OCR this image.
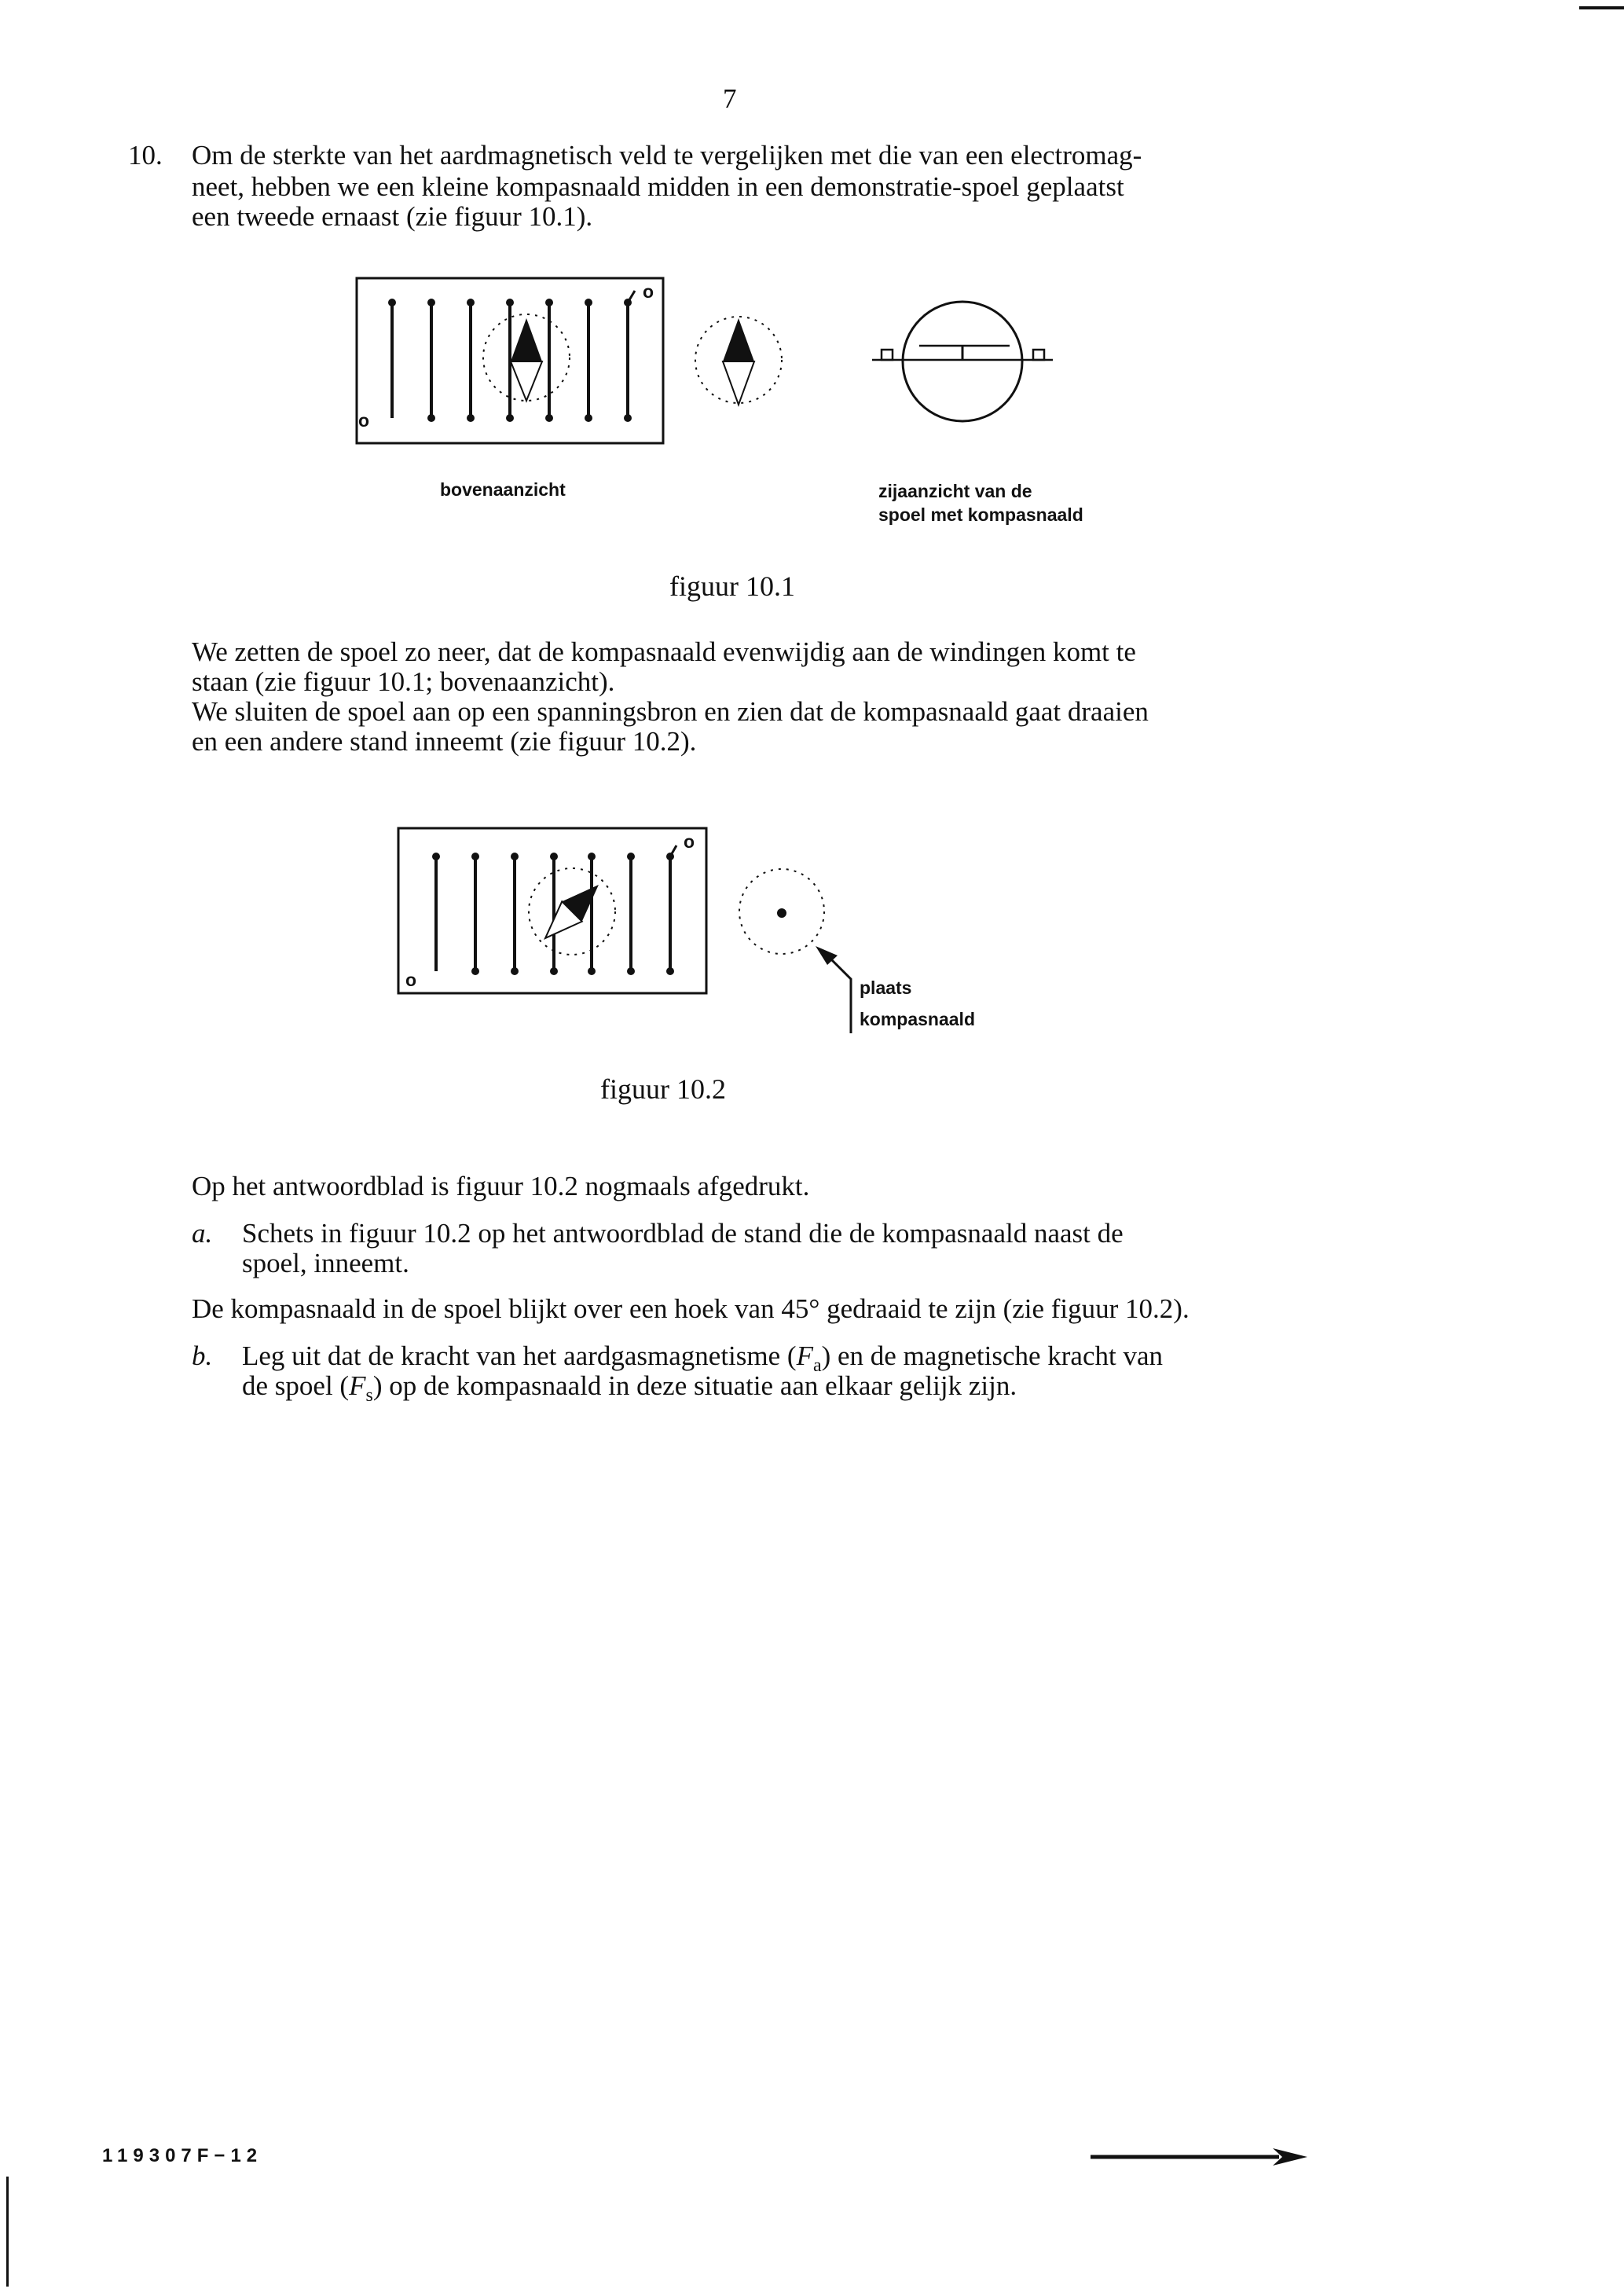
7
10. Om de sterkte van het aardmagnetisch veld te vergelijken met die van een electromag-
neet, hebben we een kleine kompasnaald midden in een demonstratie-spoel geplaatst
een tweede ernaast (zie figuur 10.1).
o
o
bovenaanzicht	zijaanzicht van de
spoel met kompasnaald
figuur 10.1
We zetten de spoel zo neer, dat de kompasnaald evenwijdig aan de windingen komt te
staan (zie figuur 10.1; bovenaanzicht).
We sluiten de spoel aan op een spanningsbron en zien dat de kompasnaald gaat draaien
en een andere stand inneemt (zie figuur 10.2).
o
o
plaats
kompasnaald
figuur 10.2
Op het antwoordblad is figuur 10.2 nogmaals afgedrukt.
a. Schets in figuur 10.2 op het antwoordblad de stand die de kompasnaald naast de
spoel, inneemt.
De kompasnaald in de spoel blijkt over een hoek van 45° gedraaid te zijn (zie figuur 10.2).
b. Leg uit dat de kracht van het aardgasmagnetisme $(F_a)$ en de magnetische kracht van
de spoel $(F_s)$ op de kompasnaald in deze situatie aan elkaar gelijk zijn.
119307F−12
